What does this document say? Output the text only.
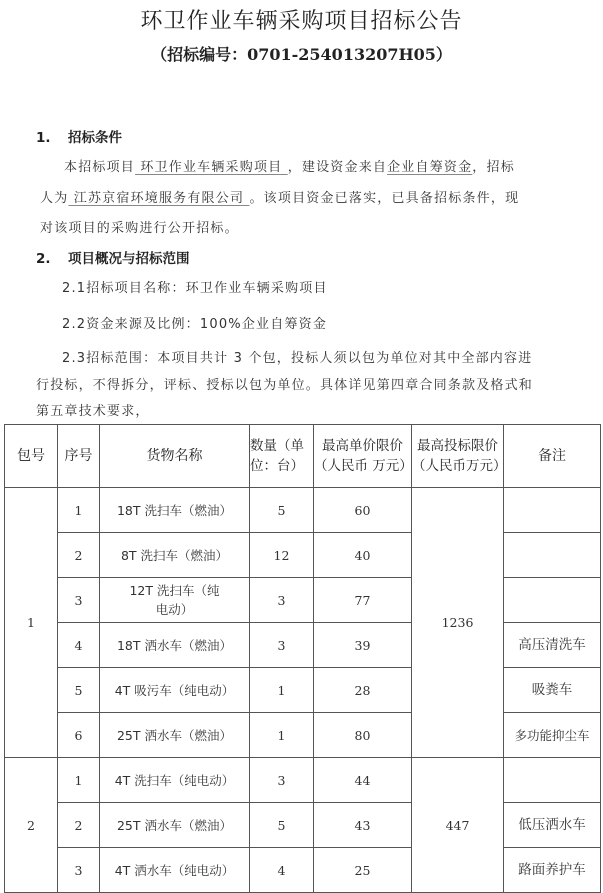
环卫作业车辆采购项目招标公告
（招标编号：0701-254013207H05）
1. 招标条件
本招标项目 环卫作业车辆采购项目 ，建设资金来自企业自筹资金，招标
人为 江苏京宿环境服务有限公司 。该项目资金已落实，已具备招标条件，现
对该项目的采购进行公开招标。
2. 项目概况与招标范围
2.1招标项目名称：环卫作业车辆采购项目
2.2资金来源及比例：100%企业自筹资金
2.3招标范围：本项目共计 3 个包，投标人须以包为单位对其中全部内容进
行投标，不得拆分，评标、授标以包为单位。具体详见第四章合同条款及格式和
第五章技术要求，
包号	序号	货物名称	数量（单位：台）	最高单价限价（人民币 万元）	最高投标限价（人民币万元）	备注
1	1	18T 洗扫车（燃油）	5	60	1236	
	2	8T 洗扫车（燃油）	12	40		
	3	12T 洗扫车（纯电动）	3	77		
	4	18T 洒水车（燃油）	3	39		高压清洗车
	5	4T 吸污车（纯电动）	1	28		吸粪车
	6	25T 洒水车（燃油）	1	80		多功能抑尘车
2	1	4T 洗扫车（纯电动）	3	44	447	
	2	25T 洒水车（燃油）	5	43		低压洒水车
	3	4T 洒水车（纯电动）	4	25		路面养护车
